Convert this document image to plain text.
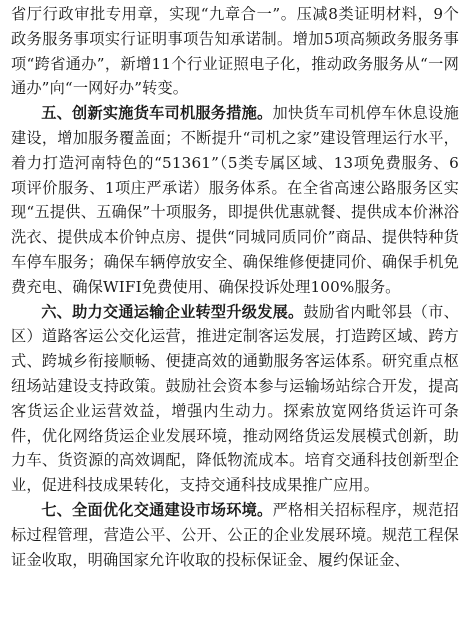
省厅行政审批专用章，实现“九章合一”。压减8类证明材料，9个政务服务事项实行证明事项告知承诺制。增加5项高频政务服务事项“跨省通办”，新增11个行业证照电子化，推动政务服务从“一网通办”向“一网好办”转变。

五、创新实施货车司机服务措施。加快货车司机停车休息设施建设，增加服务覆盖面；不断提升“司机之家”建设管理运行水平，着力打造河南特色的“51361”（5类专属区域、13项免费服务、6项评价服务、1项庄严承诺）服务体系。在全省高速公路服务区实现“五提供、五确保”十项服务，即提供优惠就餐、提供成本价淋浴洗衣、提供成本价钟点房、提供“同城同质同价”商品、提供特种货车停车服务；确保车辆停放安全、确保维修便捷同价、确保手机免费充电、确保WIFI免费使用、确保投诉处理100%服务。

六、助力交通运输企业转型升级发展。鼓励省内毗邻县（市、区）道路客运公交化运营，推进定制客运发展，打造跨区域、跨方式、跨城乡衔接顺畅、便捷高效的通勤服务客运体系。研究重点枢纽场站建设支持政策。鼓励社会资本参与运输场站综合开发，提高客货运企业运营效益，增强内生动力。探索放宽网络货运许可条件，优化网络货运企业发展环境，推动网络货运发展模式创新，助力车、货资源的高效调配，降低物流成本。培育交通科技创新型企业，促进科技成果转化，支持交通科技成果推广应用。

七、全面优化交通建设市场环境。严格相关招标程序，规范招标过程管理，营造公平、公开、公正的企业发展环境。规范工程保证金收取，明确国家允许收取的投标保证金、履约保证金、
